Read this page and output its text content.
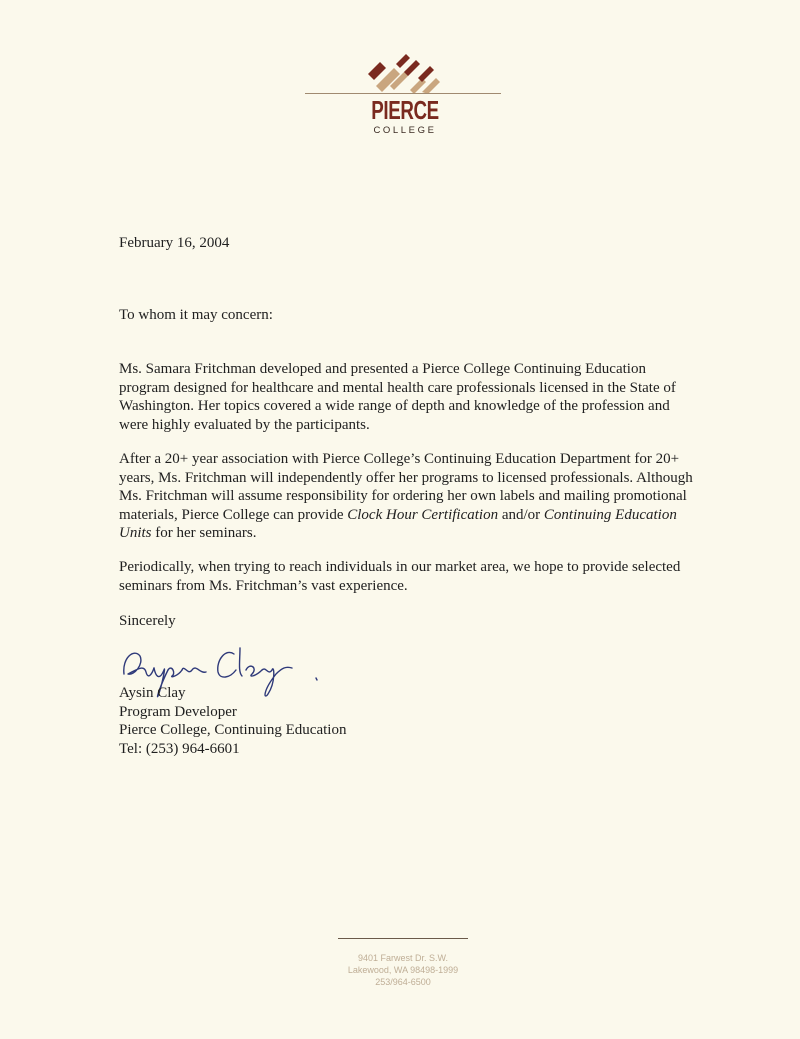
PIERCE
COLLEGE
February 16, 2004
To whom it may concern:
Ms. Samara Fritchman developed and presented a Pierce College Continuing Education program designed for healthcare and mental health care professionals licensed in the State of Washington. Her topics covered a wide range of depth and knowledge of the profession and were highly evaluated by the participants.
After a 20+ year association with Pierce College’s Continuing Education Department for 20+ years, Ms. Fritchman will independently offer her programs to licensed professionals. Although Ms. Fritchman will assume responsibility for ordering her own labels and mailing promotional materials, Pierce College can provide Clock Hour Certification and/or Continuing Education Units for her seminars.
Periodically, when trying to reach individuals in our market area, we hope to provide selected seminars from Ms. Fritchman’s vast experience.
Sincerely
Aysin Clay
Program Developer
Pierce College, Continuing Education
Tel: (253) 964-6601
9401 Farwest Dr. S.W.
Lakewood, WA 98498-1999
253/964-6500
